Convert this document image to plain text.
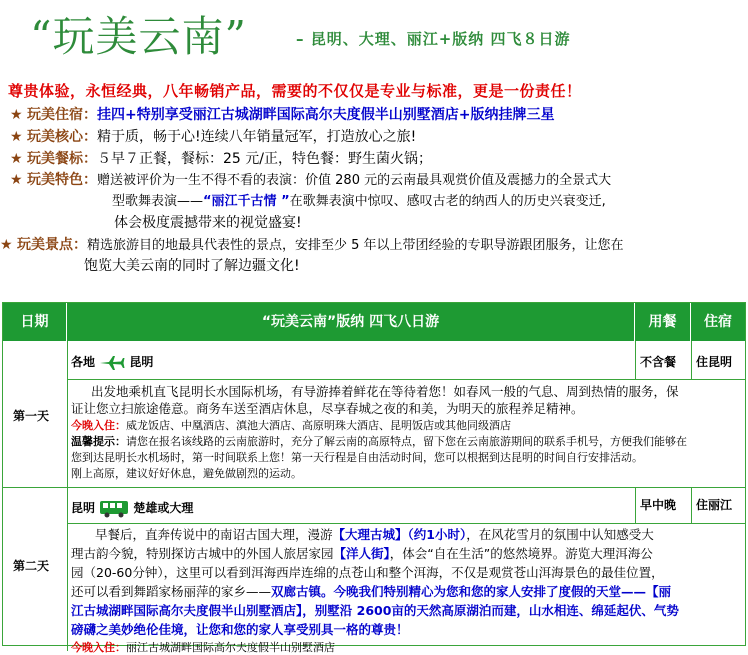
“玩美云南”	– 昆明、大理、丽江+版纳 四飞８日游
尊贵体验，永恒经典，八年畅销产品，需要的不仅仅是专业与标准，更是一份责任！
★ 玩美住宿：挂四+特别享受丽江古城湖畔国际高尔夫度假半山别墅酒店+版纳挂牌三星
★ 玩美核心：精于质，畅于心!连续八年销量冠军，打造放心之旅!
★ 玩美餐标：５早７正餐，餐标：25 元/正，特色餐：野生菌火锅；
★ 玩美特色：赠送被评价为一生不得不看的表演：价值 280 元的云南最具观赏价值及震撼力的全景式大
型歌舞表演——“丽江千古情 ”在歌舞表演中惊叹、感叹古老的纳西人的历史兴衰变迁,
体会极度震撼带来的视觉盛宴!
★ 玩美景点：精选旅游目的地最具代表性的景点，安排至少 5 年以上带团经验的专职导游跟团服务，让您在
饱览大美云南的同时了解边疆文化!
日期	“玩美云南”版纳 四飞八日游	用餐	住宿
第一天
各地	昆明	不含餐 住昆明
出发地乘机直飞昆明长水国际机场，有导游捧着鲜花在等待着您！如春风一般的气息、周到热情的服务，保
证让您立扫旅途倦意。商务车送至酒店休息，尽享春城之夜的和美，为明天的旅程养足精神。
今晚入住：威龙饭店、中凰酒店、滇池大酒店、高原明珠大酒店、昆明饭店或其他同级酒店
温馨提示：请您在报名该线路的云南旅游时，充分了解云南的高原特点，留下您在云南旅游期间的联系手机号，方便我们能够在
您到达昆明长水机场时，第一时间联系上您！第一天行程是自由活动时间，您可以根据到达昆明的时间自行安排活动。
刚上高原，建议好好休息，避免做剧烈的运动。
第二天
昆明	楚雄或大理	早中晚 住丽江
早餐后，直奔传说中的南诏古国大理，漫游【大理古城】（约1小时），在风花雪月的氛围中认知感受大
理古韵今貌，特别探访古城中的外国人旅居家园【洋人街】，体会“自在生活”的悠然境界。游览大理洱海公
园（20-60分钟），这里可以看到洱海西岸连绵的点苍山和整个洱海，不仅是观赏苍山洱海景色的最佳位置，
还可以看到舞蹈家杨丽萍的家乡——双廊古镇。今晚我们特别精心为您和您的家人安排了度假的天堂——【丽
江古城湖畔国际高尔夫度假半山别墅酒店】，别墅沿 2600亩的天然高原湖泊而建，山水相连、绵延起伏、气势
磅礴之美妙绝伦佳境，让您和您的家人享受别具一格的尊贵！
今晚入住：丽江古城湖畔国际高尔夫度假半山别墅酒店
